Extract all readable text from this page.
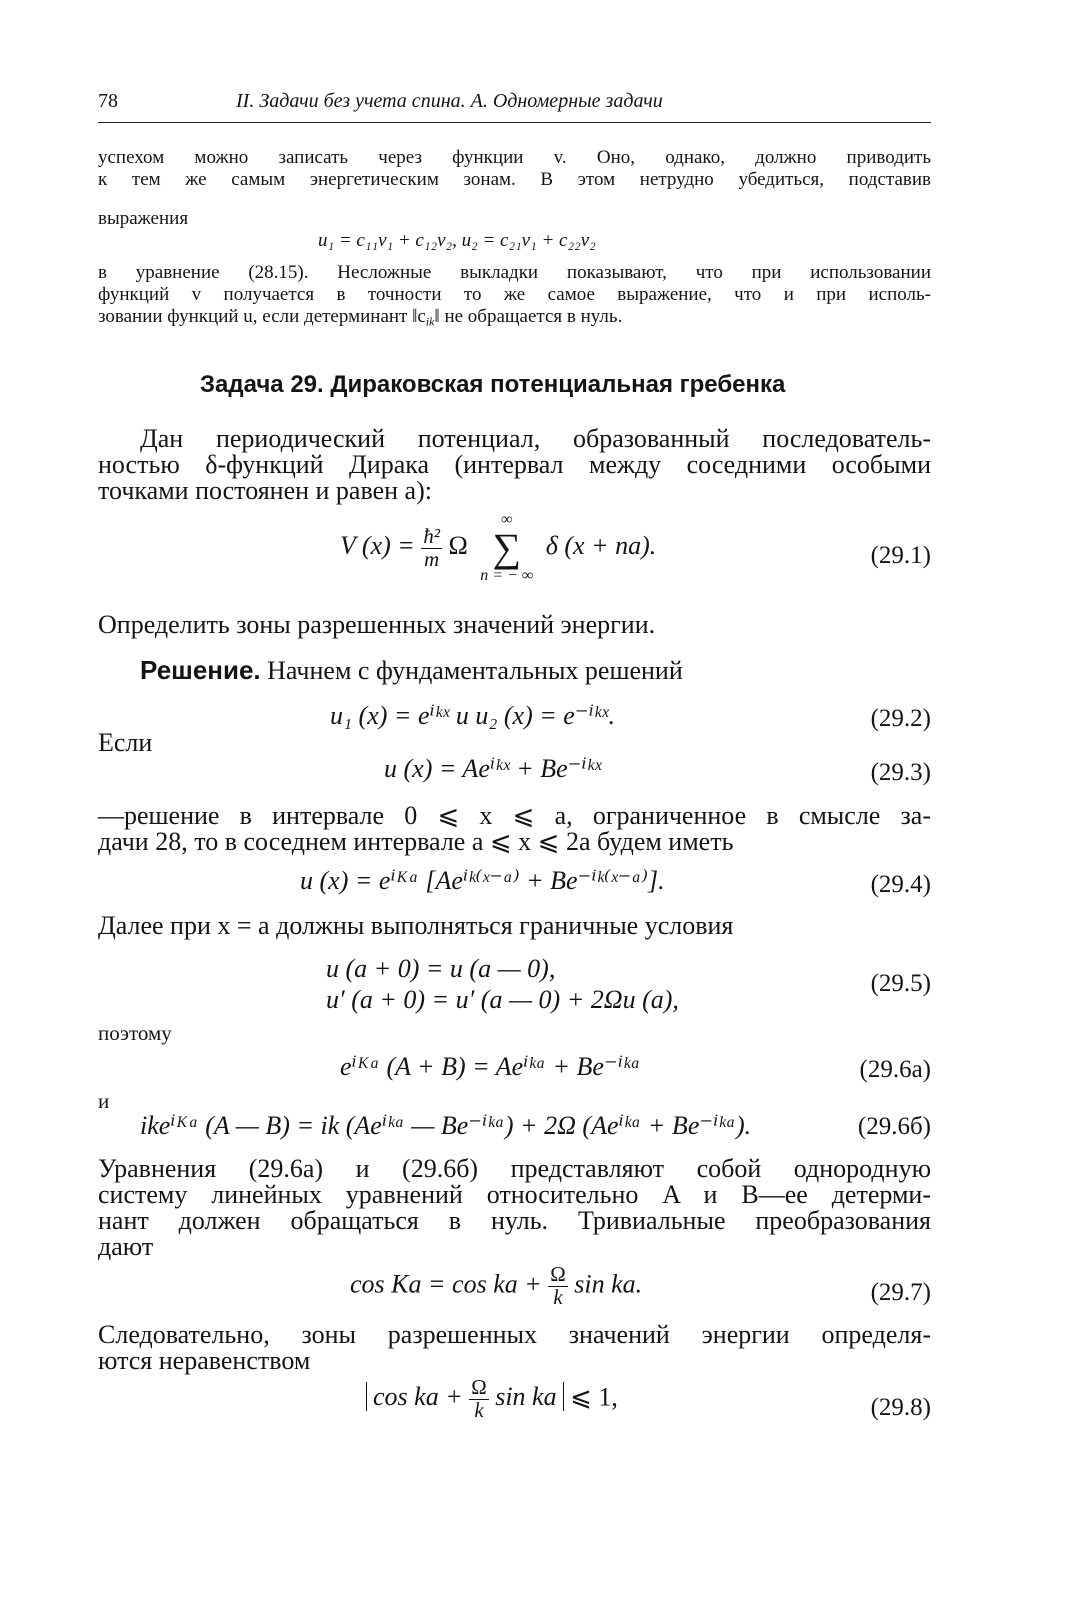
78	II. Задачи без учета спина. А. Одномерные задачи

успехом можно записать через функции v. Оно, однако, должно приводить

к тем же самым энергетическим зонам. В этом нетрудно убедиться, подставив

выражения
u₁ = c₁₁v₁ + c₁₂v₂, u₂ = c₂₁v₁ + c₂₂v₂

в уравнение (28.15). Несложные выкладки показывают, что при использовании

функций v получается в точности то же самое выражение, что и при исполь-

зовании функций u, если детерминант $‖c_{ik}‖$ не обращается в нуль.

Задача 29. Дираковская потенциальная гребенка

Дан периодический потенциал, образованный последователь-

ностью δ-функций Дирака (интервал между соседними особыми

точками постоянен и равен a):

V $(x) = \frac{\text{ħ²}}{m}$ Ω
∞
∑
n = − ∞
δ (x + na).	(29.1)
Определить зоны разрешенных значений энергии.
Решение. Начнем с фундаментальных решений
u₁ (x) = eⁱᵏˣ и u₂ (x) = e⁻ⁱᵏˣ.	(29.2)
Если
u (x) = Aeⁱᵏˣ + Be⁻ⁱᵏˣ	(29.3)

—решение в интервале 0 ⩽ x ⩽ a, ограниченное в смысле за-

дачи 28, то в соседнем интервале a ⩽ x ⩽ 2a будем иметь

u (x) = eⁱᴷᵃ [Aeⁱᵏ⁽ˣ⁻ᵃ⁾ + Be⁻ⁱᵏ⁽ˣ⁻ᵃ⁾].	(29.4)
Далее при x = a должны выполняться граничные условия
u (a + 0) = u (a — 0),
u′ (a + 0) = u′ (a — 0) + 2Ωu (a),
(29.5)
поэтому
eⁱᴷᵃ (A + B) = Aeⁱᵏᵃ + Be⁻ⁱᵏᵃ	(29.6а)
и
ikeⁱᴷᵃ (A — B) = ik (Aeⁱᵏᵃ — Be⁻ⁱᵏᵃ) + 2Ω (Aeⁱᵏᵃ + Be⁻ⁱᵏᵃ).	(29.6б)

Уравнения (29.6а) и (29.6б) представляют собой однородную

систему линейных уравнений относительно A и B—ее детерми-

нант должен обращаться в нуль. Тривиальные преобразования

дают

cos Ka = cos ka + $\frac{\Omega}{k}$ sin ka.	(29.7)

Следовательно, зоны разрешенных значений энергии определя-

ются неравенством

cos ka + $\frac{\Omega}{k}$ sin ka ⩽ 1,	(29.8)
